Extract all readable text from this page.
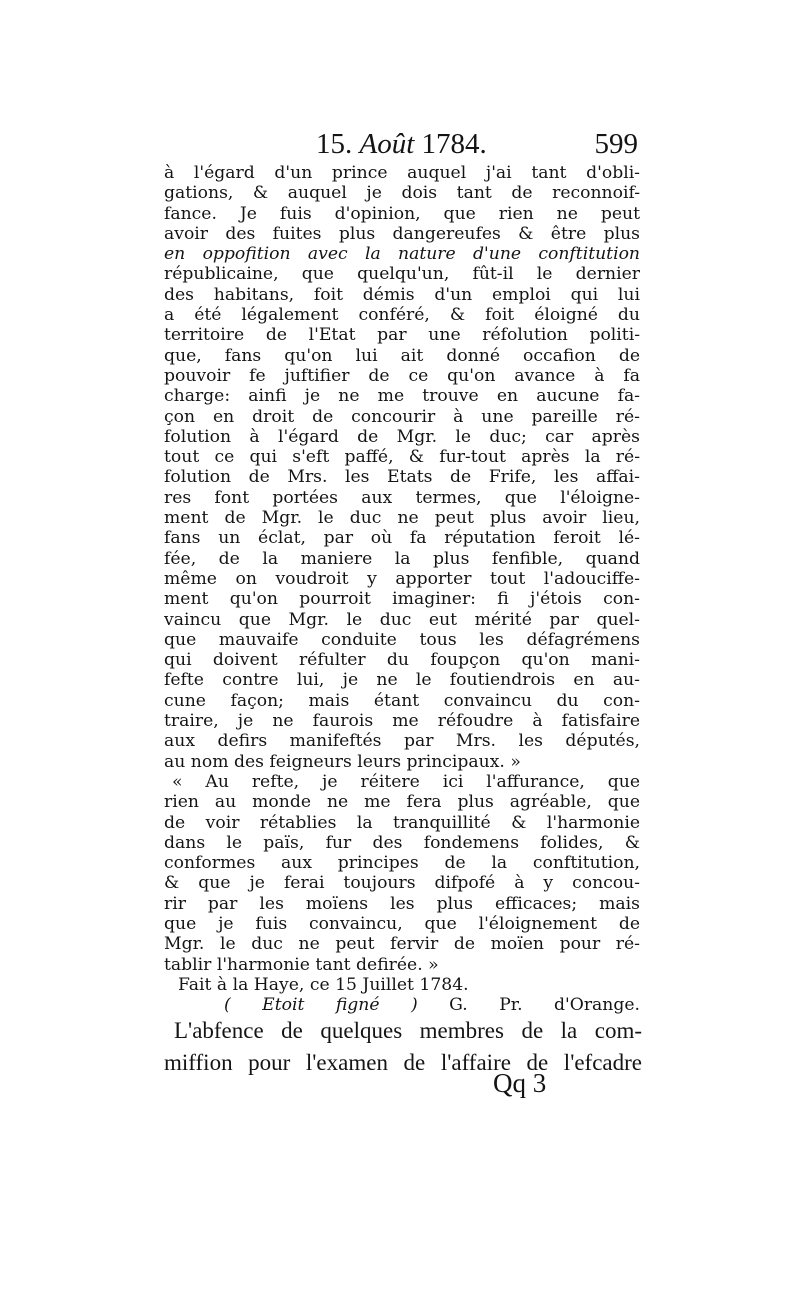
15. Août 1784.	599
à l'égard d'un prince auquel j'ai tant d'obli-
gations, & auquel je dois tant de reconnoif-
fance. Je fuis d'opinion, que rien ne peut
avoir des fuites plus dangereufes & être plus
en oppofition avec la nature d'une conftitution
républicaine, que quelqu'un, fût-il le dernier
des habitans, foit démis d'un emploi qui lui
a été légalement conféré, & foit éloigné du
territoire de l'Etat par une réfolution politi-
que, fans qu'on lui ait donné occafion de
pouvoir fe juftifier de ce qu'on avance à fa
charge: ainfi je ne me trouve en aucune fa-
çon en droit de concourir à une pareille ré-
folution à l'égard de Mgr. le duc; car après
tout ce qui s'eft paffé, & fur-tout après la ré-
folution de Mrs. les Etats de Frife, les affai-
res font portées aux termes, que l'éloigne-
ment de Mgr. le duc ne peut plus avoir lieu,
fans un éclat, par où fa réputation feroit lé-
fée, de la maniere la plus fenfible, quand
même on voudroit y apporter tout l'adouciffe-
ment qu'on pourroit imaginer: fi j'étois con-
vaincu que Mgr. le duc eut mérité par quel-
que mauvaife conduite tous les défagrémens
qui doivent réfulter du foupçon qu'on mani-
fefte contre lui, je ne le foutiendrois en au-
cune façon; mais étant convaincu du con-
traire, je ne faurois me réfoudre à fatisfaire
aux defirs manifeftés par Mrs. les députés,
au nom des feigneurs leurs principaux. »
« Au refte, je réitere ici l'affurance, que
rien au monde ne me fera plus agréable, que
de voir rétablies la tranquillité & l'harmonie
dans le païs, fur des fondemens folides, &
conformes aux principes de la conftitution,
& que je ferai toujours difpofé à y concou-
rir par les moïens les plus efficaces; mais
que je fuis convaincu, que l'éloignement de
Mgr. le duc ne peut fervir de moïen pour ré-
tablir l'harmonie tant defirée. »
Fait à la Haye, ce 15 Juillet 1784.
( Etoit figné ) G. Pr. d'Orange.
L'abfence de quelques membres de la com-
miffion pour l'examen de l'affaire de l'efcadre
Qq 3
